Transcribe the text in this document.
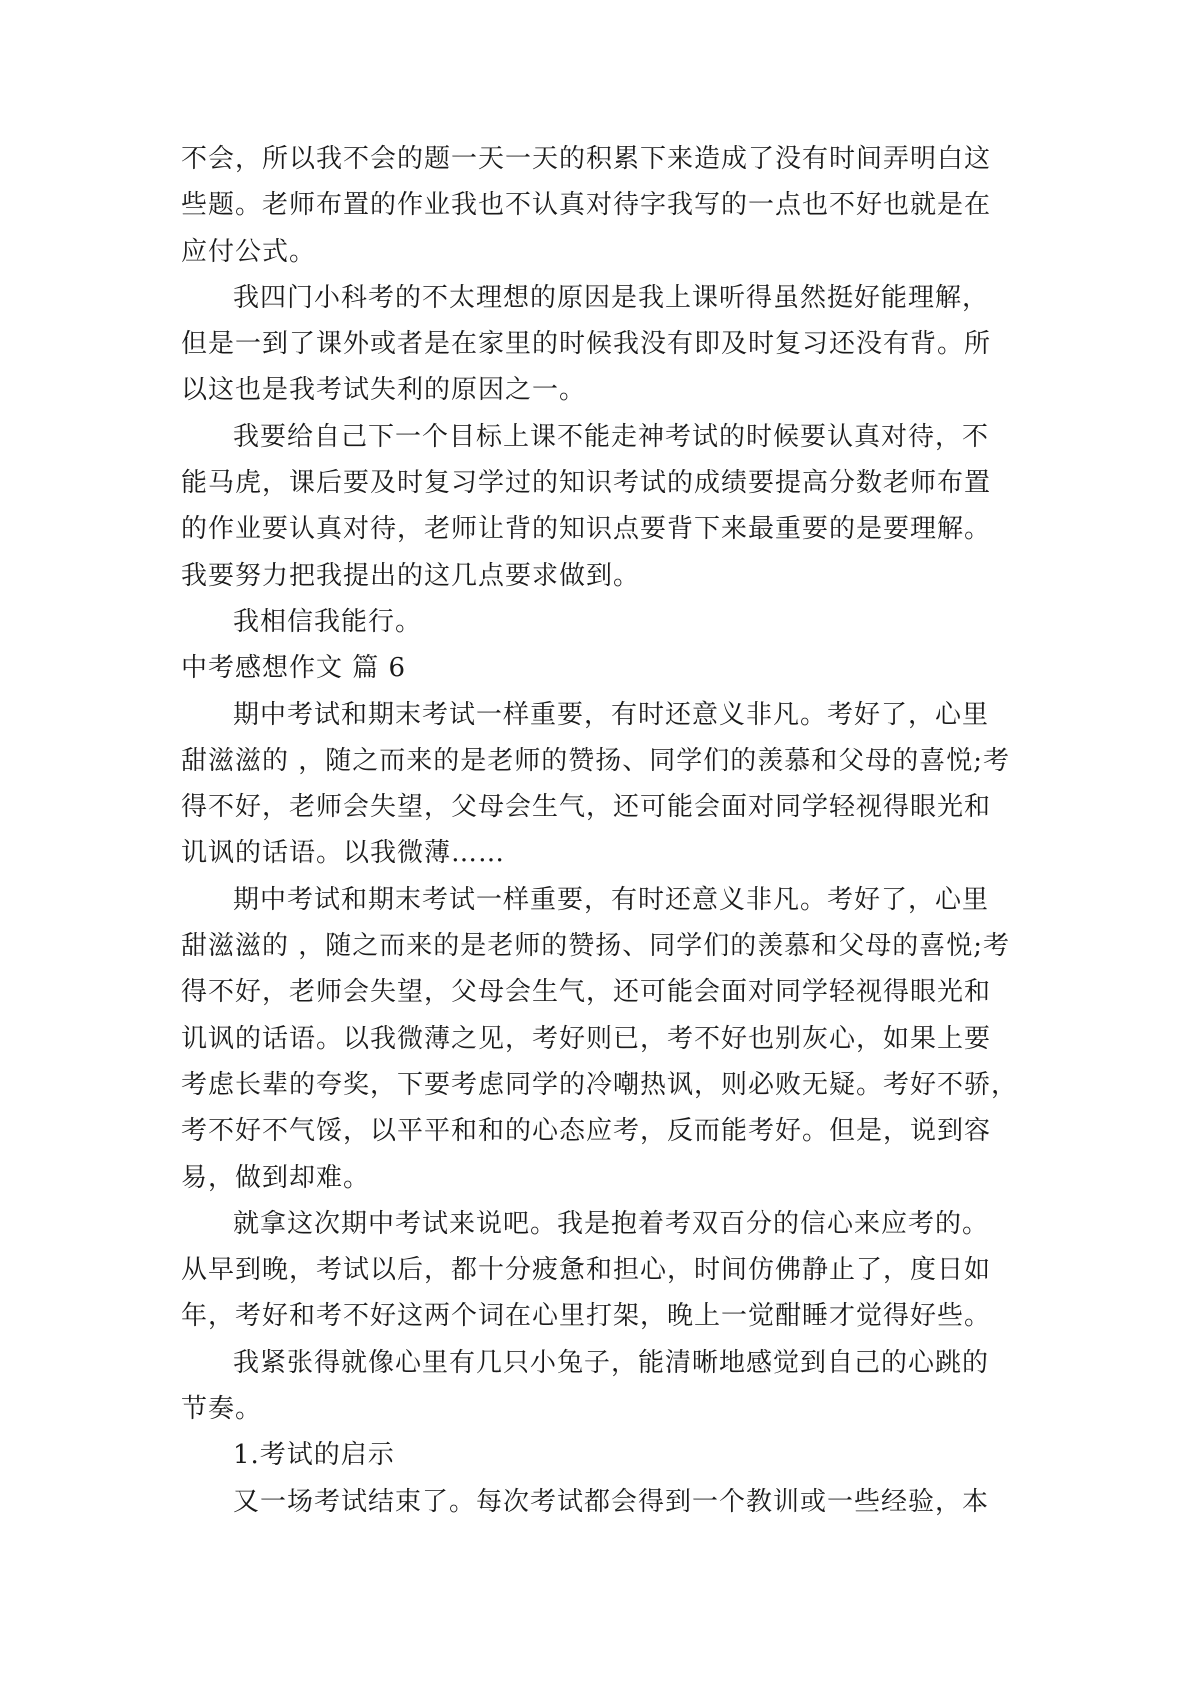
不会，所以我不会的题一天一天的积累下来造成了没有时间弄明白这
些题。老师布置的作业我也不认真对待字我写的一点也不好也就是在
应付公式。
我四门小科考的不太理想的原因是我上课听得虽然挺好能理解，
但是一到了课外或者是在家里的时候我没有即及时复习还没有背。所
以这也是我考试失利的原因之一。
我要给自己下一个目标上课不能走神考试的时候要认真对待，不
能马虎，课后要及时复习学过的知识考试的成绩要提高分数老师布置
的作业要认真对待，老师让背的知识点要背下来最重要的是要理解。
我要努力把我提出的这几点要求做到。
我相信我能行。
中考感想作文 篇 6
期中考试和期末考试一样重要，有时还意义非凡。考好了，心里
甜滋滋的 ，随之而来的是老师的赞扬、同学们的羡慕和父母的喜悦;考
得不好，老师会失望，父母会生气，还可能会面对同学轻视得眼光和
讥讽的话语。以我微薄……
期中考试和期末考试一样重要，有时还意义非凡。考好了，心里
甜滋滋的 ，随之而来的是老师的赞扬、同学们的羡慕和父母的喜悦;考
得不好，老师会失望，父母会生气，还可能会面对同学轻视得眼光和
讥讽的话语。以我微薄之见，考好则已，考不好也别灰心，如果上要
考虑长辈的夸奖，下要考虑同学的冷嘲热讽，则必败无疑。考好不骄，
考不好不气馁，以平平和和的心态应考，反而能考好。但是，说到容
易，做到却难。
就拿这次期中考试来说吧。我是抱着考双百分的信心来应考的。
从早到晚，考试以后，都十分疲惫和担心，时间仿佛静止了，度日如
年，考好和考不好这两个词在心里打架，晚上一觉酣睡才觉得好些。
我紧张得就像心里有几只小兔子，能清晰地感觉到自己的心跳的
节奏。
1.考试的启示
又一场考试结束了。每次考试都会得到一个教训或一些经验，本
